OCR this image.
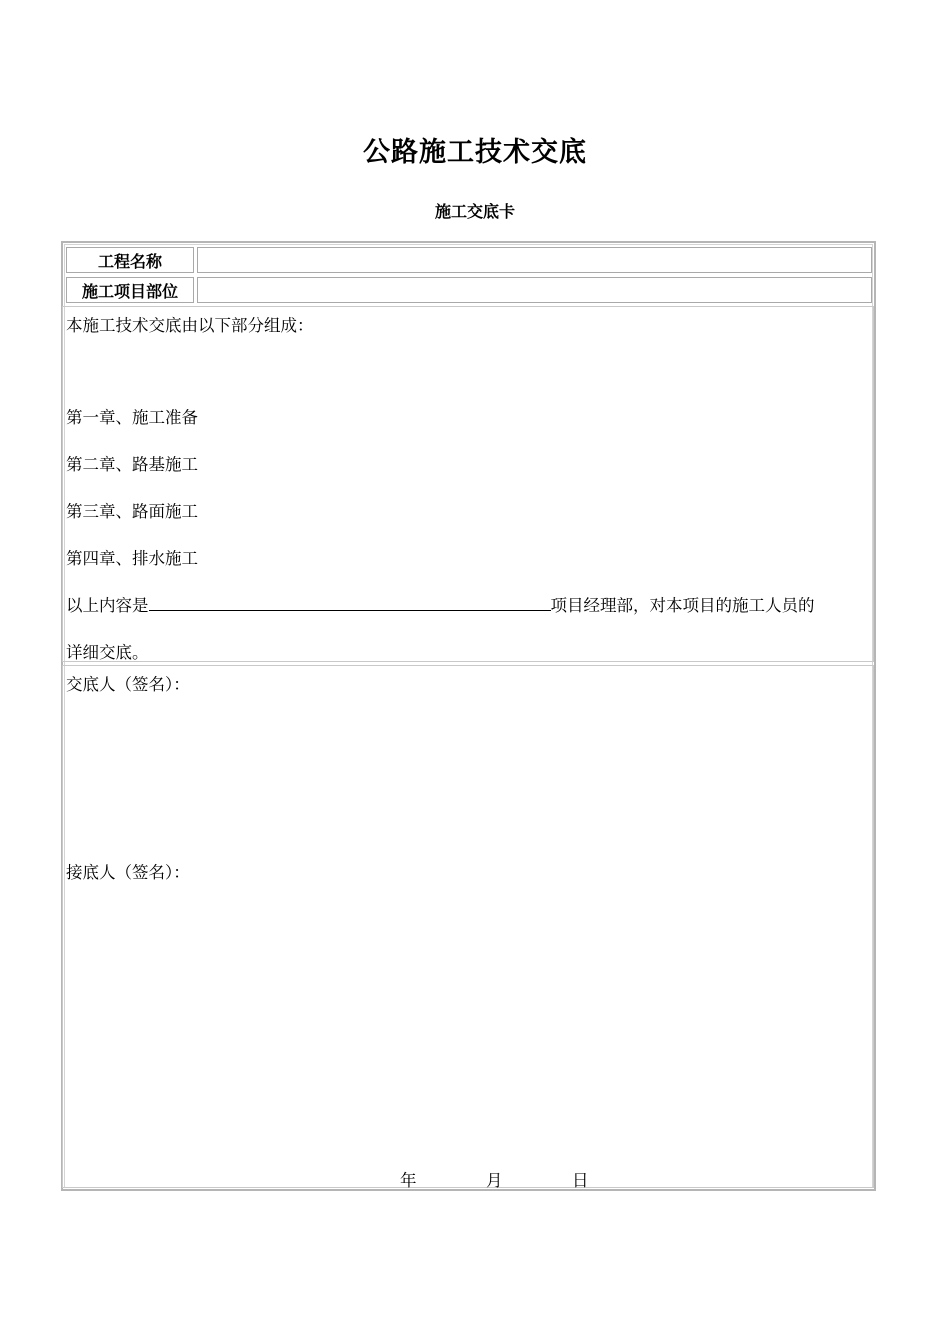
公路施工技术交底
施工交底卡
工程名称
施工项目部位
本施工技术交底由以下部分组成：
第一章、施工准备
第二章、路基施工
第三章、路面施工
第四章、排水施工
以上内容是	项目经理部，对本项目的施工人员的
详细交底。
交底人（签名）：
接底人（签名）：
年	月	日
